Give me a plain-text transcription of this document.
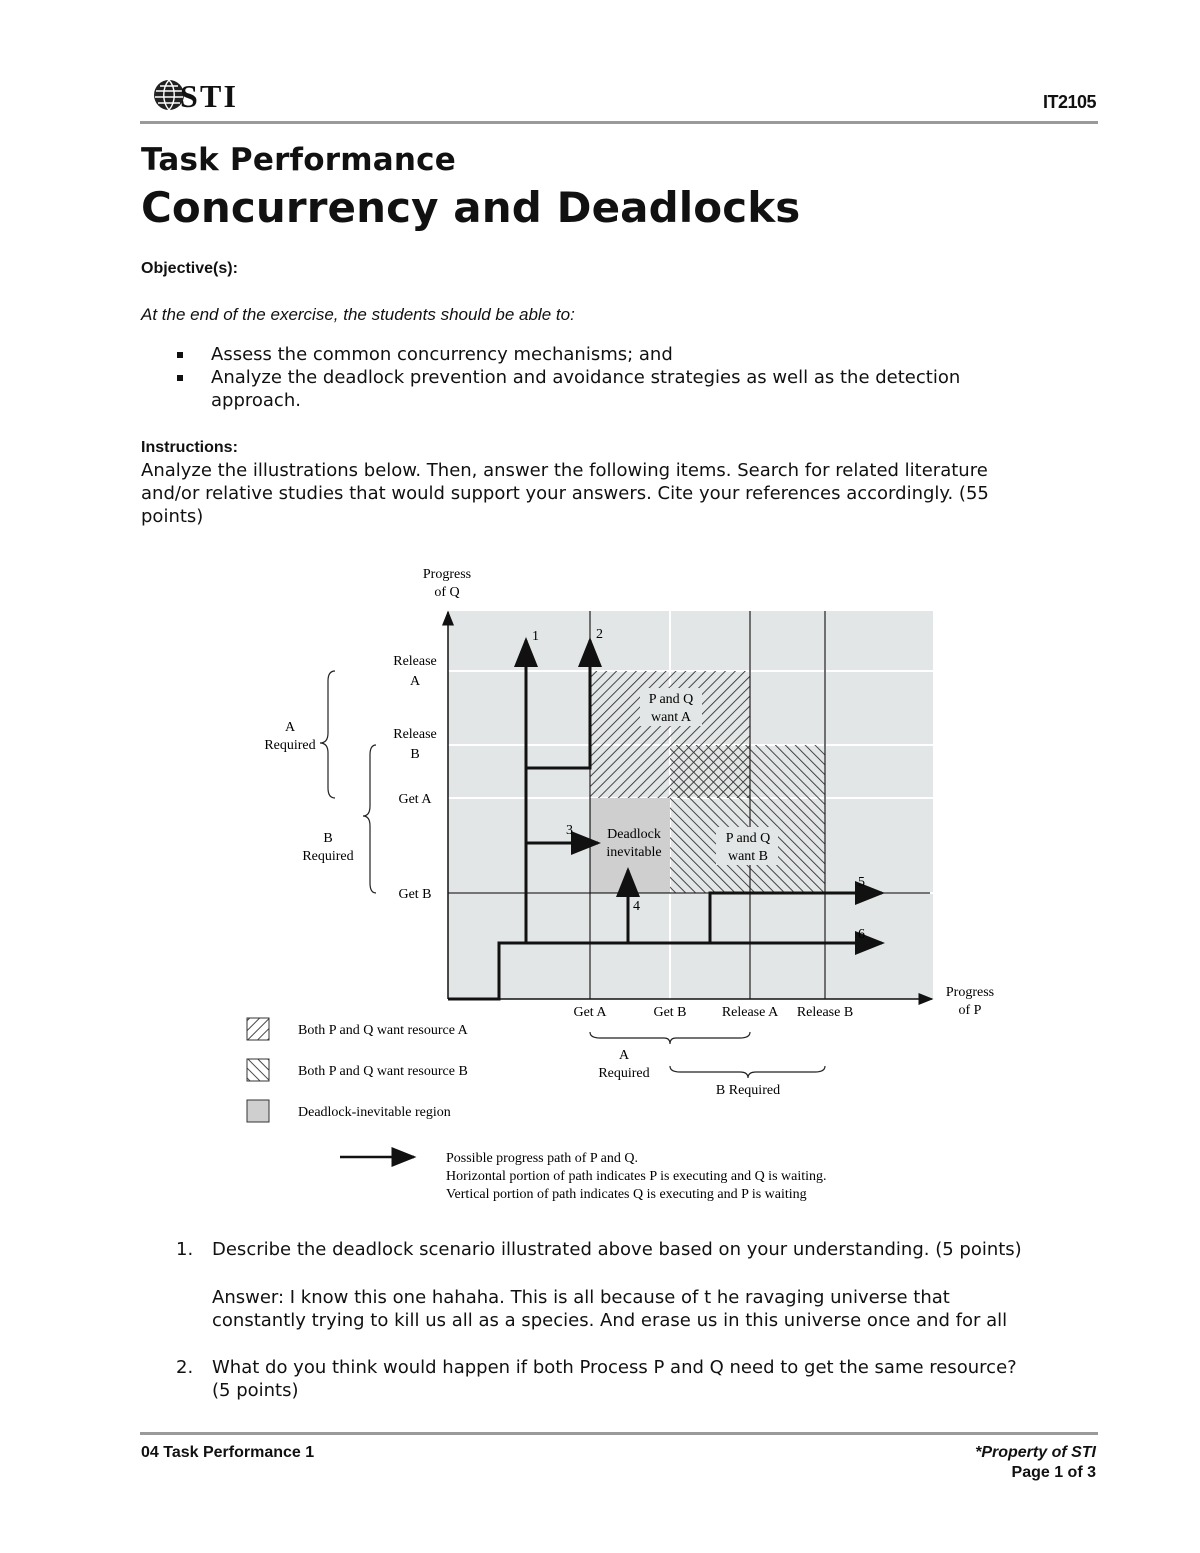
STI	IT2105
Task Performance
Concurrency and Deadlocks
Objective(s):
At the end of the exercise, the students should be able to:
Assess the common concurrency mechanisms; and
Analyze the deadlock prevention and avoidance strategies as well as the detection
approach.
Instructions:
Analyze the illustrations below. Then, answer the following items. Search for related literature
and/or relative studies that would support your answers. Cite your references accordingly. (55
points)
P and Q
want A
P and Q
want B
Deadlock
inevitable
1	2
3
4
5
6
Progress
of Q
Progress
of P
Release
A
Release
B
Get A
Get B
A
Required
B
Required
Get A	Get B	Release A Release B
A
Required
B Required
Both P and Q want resource A
Both P and Q want resource B
Deadlock-inevitable region
Possible progress path of P and Q.
Horizontal portion of path indicates P is executing and Q is waiting.
Vertical portion of path indicates Q is executing and P is waiting
1. Describe the deadlock scenario illustrated above based on your understanding. (5 points)
Answer: I know this one hahaha. This is all because of t he ravaging universe that
constantly trying to kill us all as a species. And erase us in this universe once and for all
2. What do you think would happen if both Process P and Q need to get the same resource?
(5 points)
04 Task Performance 1	*Property of STI
Page 1 of 3
